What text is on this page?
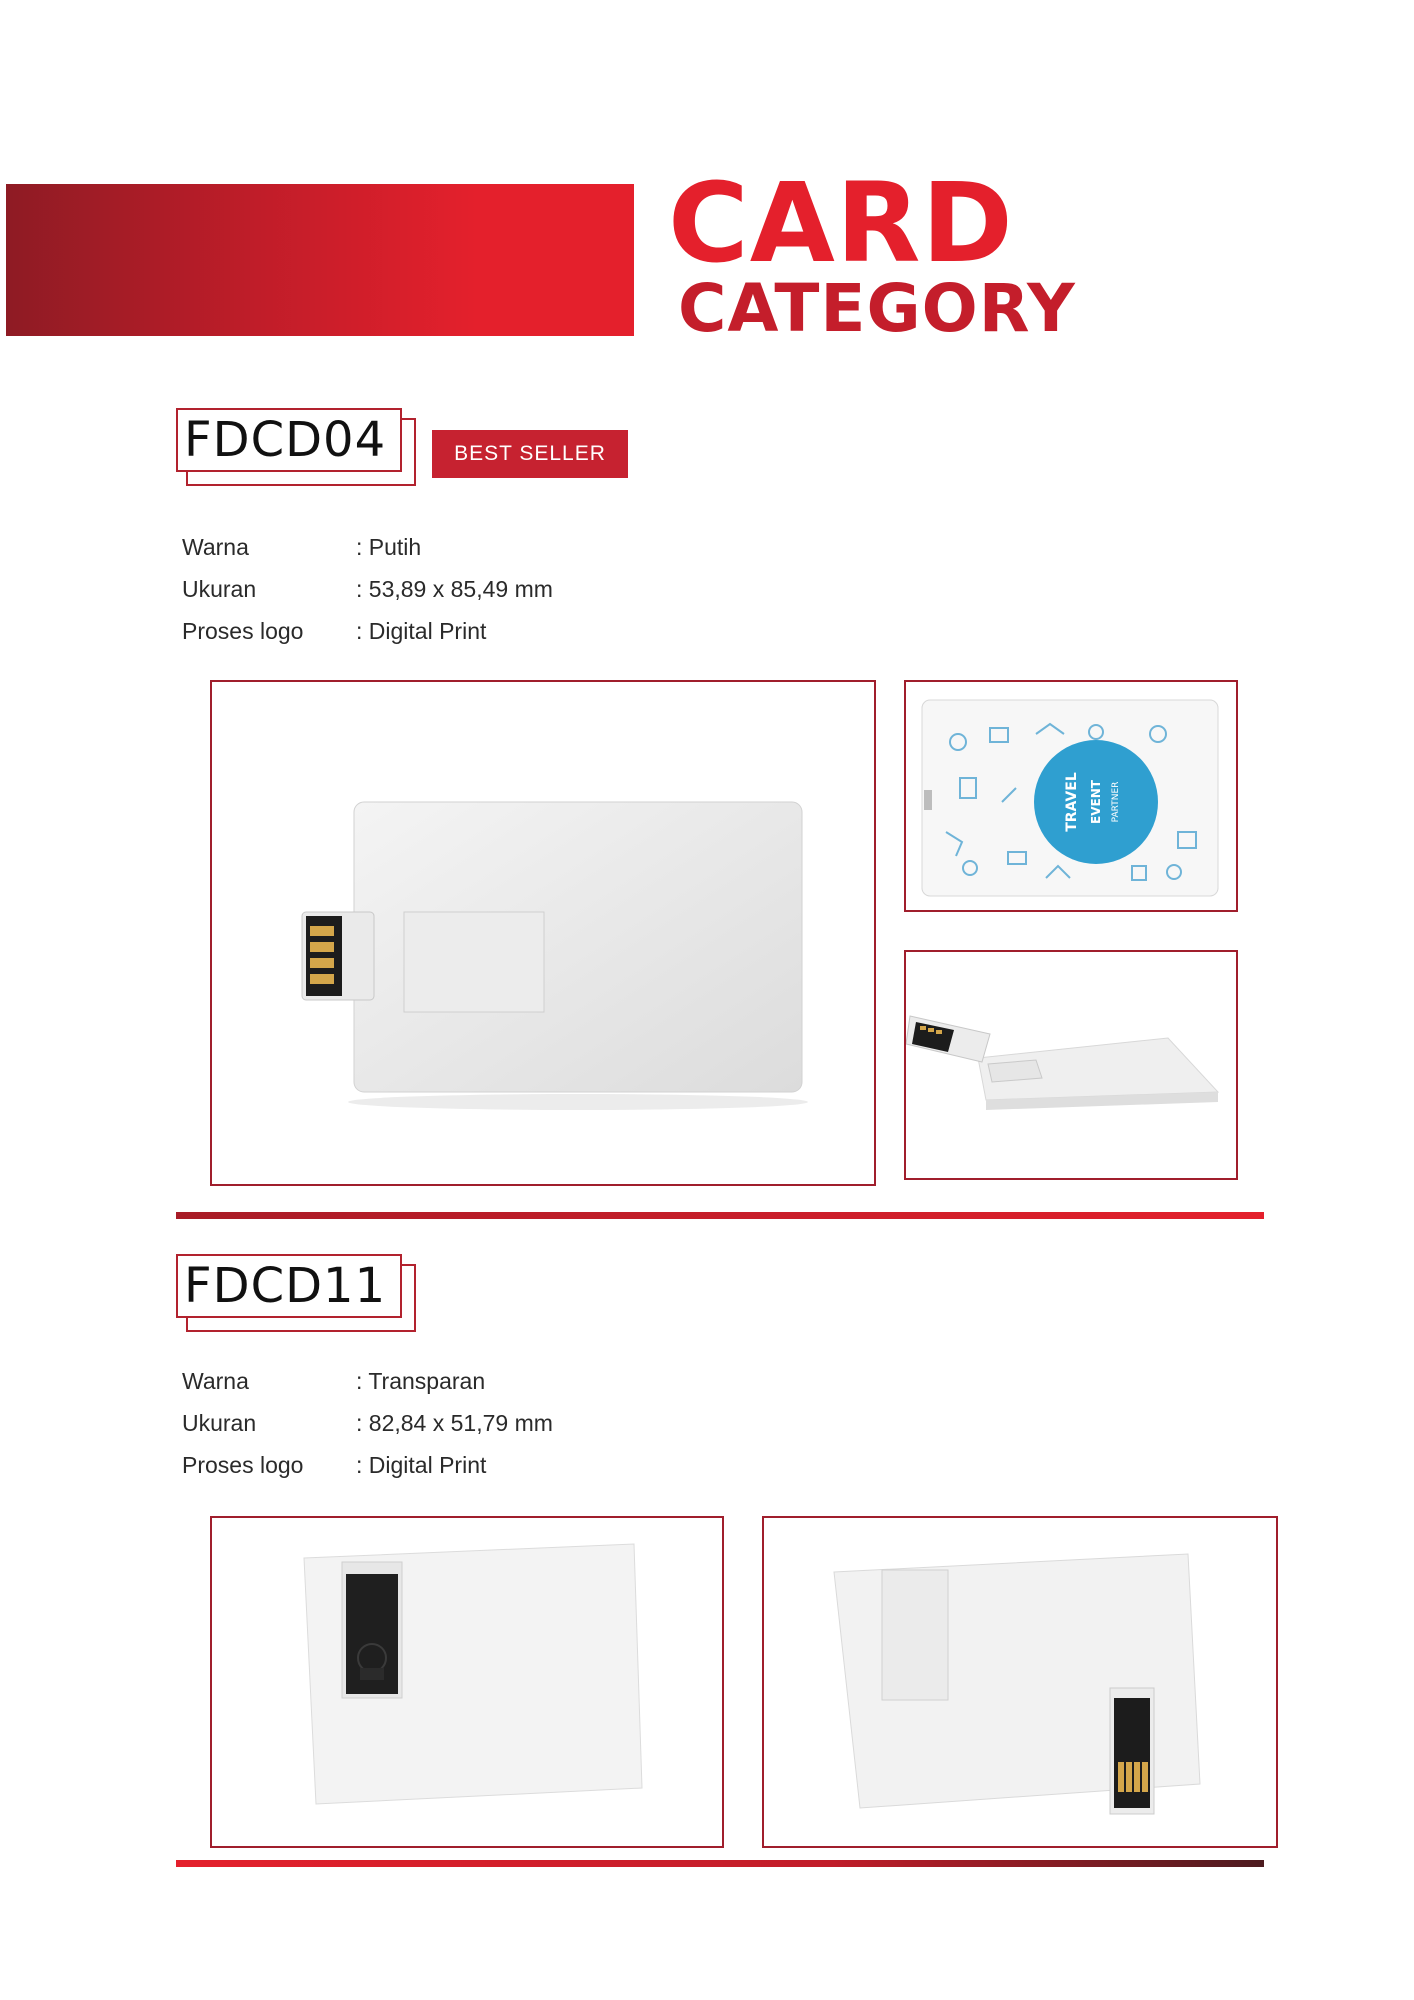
CARD
CATEGORY
FDCD04	BEST SELLER
Warna	: Putih
Ukuran	: 53,89 x 85,49 mm
Proses logo : Digital Print
TRAVEL EVENT PARTNER
FDCD11
Warna	: Transparan
Ukuran	: 82,84 x 51,79 mm
Proses logo : Digital Print
